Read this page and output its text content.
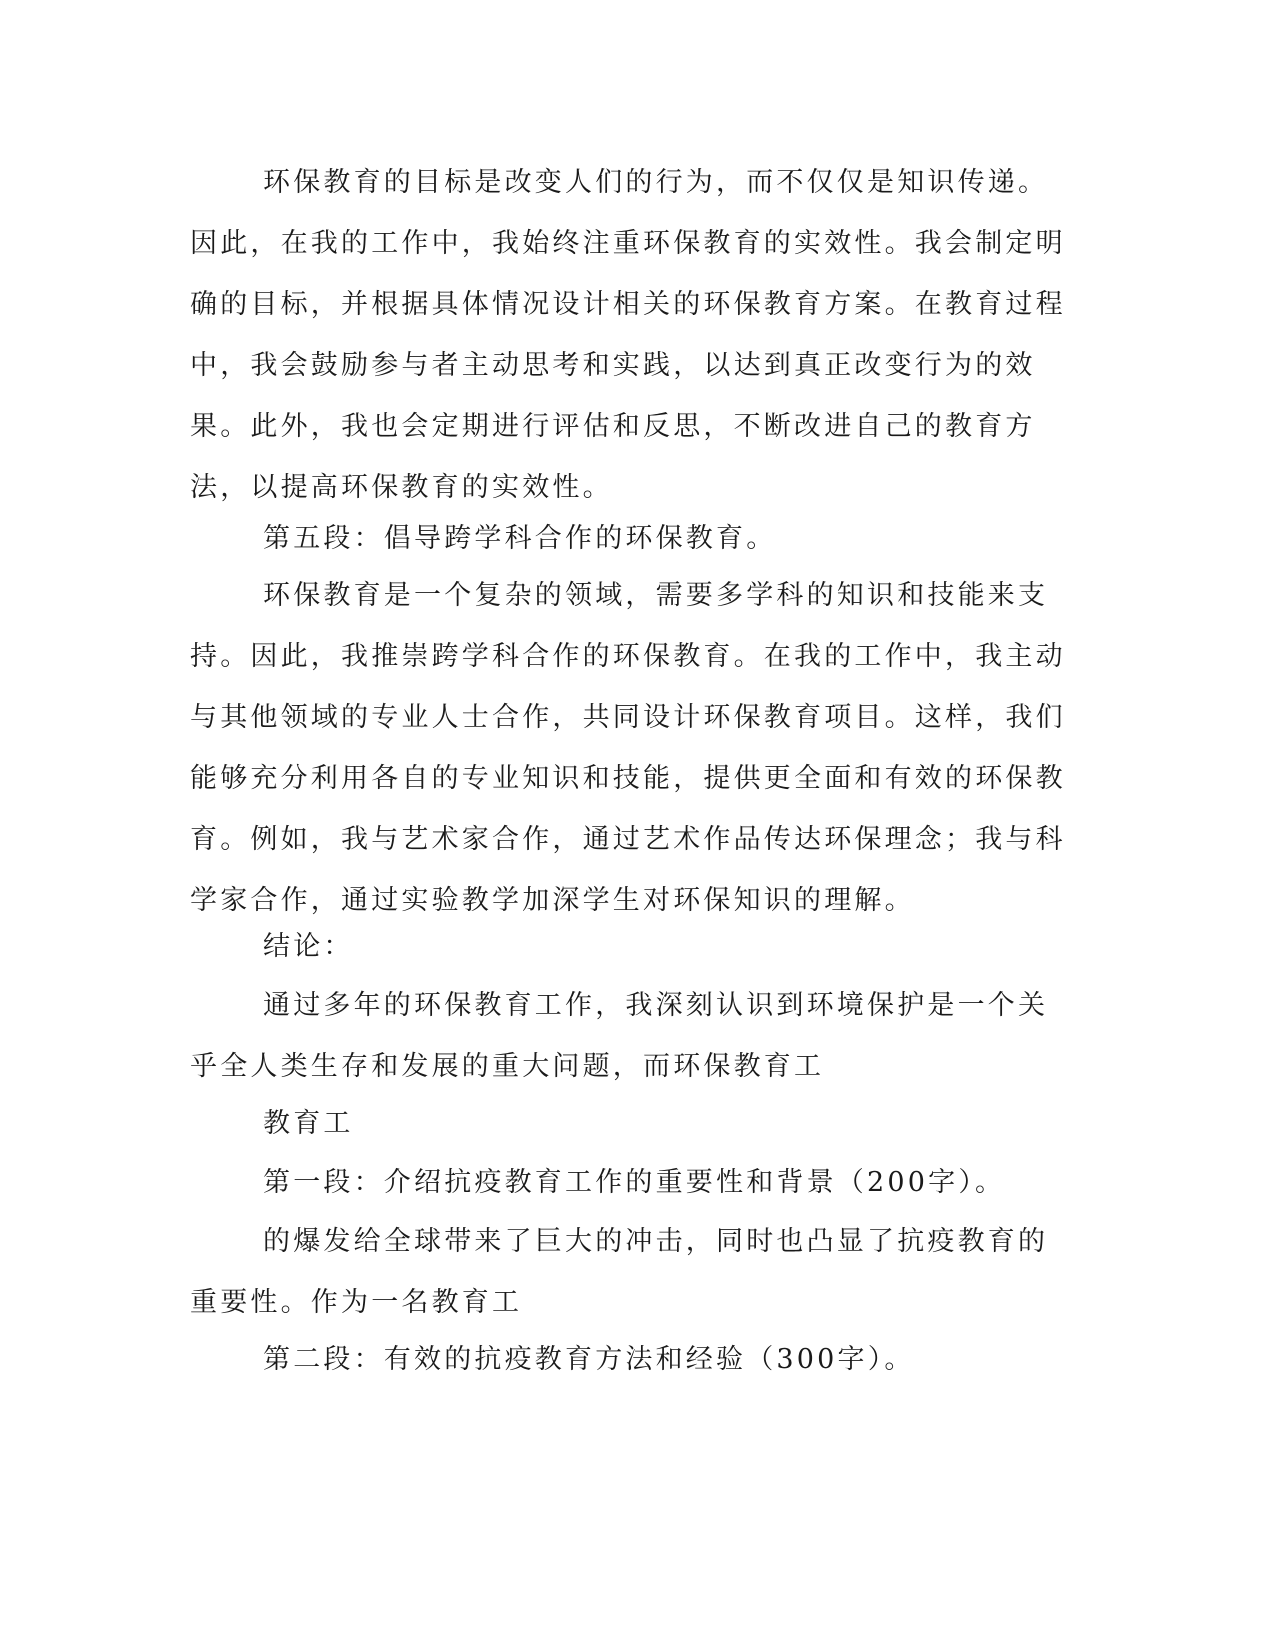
环保教育的目标是改变人们的行为，而不仅仅是知识传递。因此，在我的工作中，我始终注重环保教育的实效性。我会制定明确的目标，并根据具体情况设计相关的环保教育方案。在教育过程中，我会鼓励参与者主动思考和实践，以达到真正改变行为的效果。此外，我也会定期进行评估和反思，不断改进自己的教育方法，以提高环保教育的实效性。

第五段：倡导跨学科合作的环保教育。

环保教育是一个复杂的领域，需要多学科的知识和技能来支持。因此，我推崇跨学科合作的环保教育。在我的工作中，我主动与其他领域的专业人士合作，共同设计环保教育项目。这样，我们能够充分利用各自的专业知识和技能，提供更全面和有效的环保教育。例如，我与艺术家合作，通过艺术作品传达环保理念；我与科学家合作，通过实验教学加深学生对环保知识的理解。

结论：

通过多年的环保教育工作，我深刻认识到环境保护是一个关乎全人类生存和发展的重大问题，而环保教育工

教育工

第一段：介绍抗疫教育工作的重要性和背景（200字）。

的爆发给全球带来了巨大的冲击，同时也凸显了抗疫教育的重要性。作为一名教育工

第二段：有效的抗疫教育方法和经验（300字）。
